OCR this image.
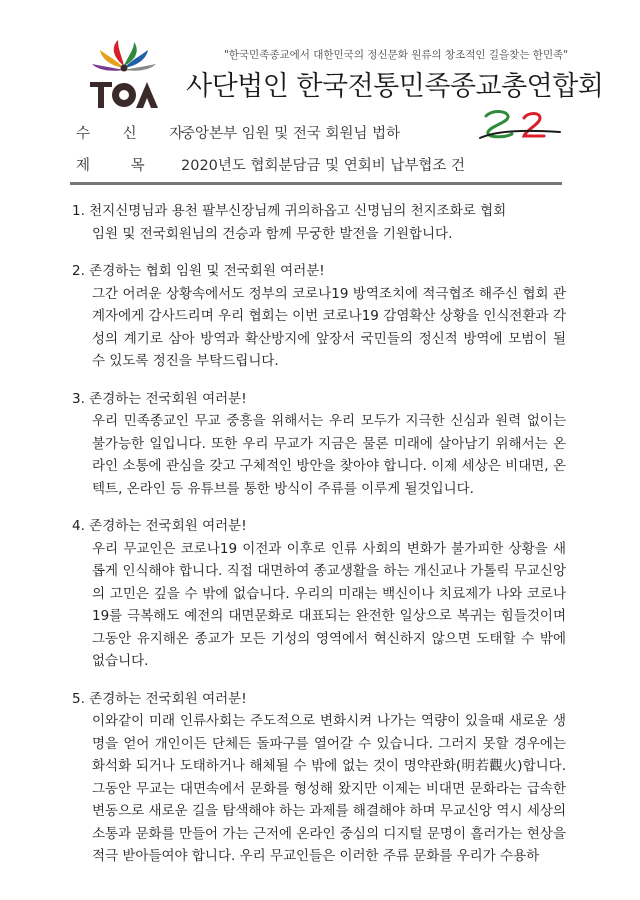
"한국민족종교에서 대한민국의 정신문화 원류의 창조적인 길을찾는 한민족"
사단법인 한국전통민족종교총연합회
수 신 자
중앙본부 임원 및 전국 회원님 법하
제 목	2020년도 협회분담금 및 연회비 납부협조 건
1. 천지신명님과 용천 팔부신장님께 귀의하옵고 신명님의 천지조화로 협회
임원 및 전국회원님의 건승과 함께 무궁한 발전을 기원합니다.
2. 존경하는 협회 임원 및 전국회원 여러분!
그간 어려운 상황속에서도 정부의 코로나19 방역조치에 적극협조 해주신 협회 관계자에게 감사드리며 우리 협회는 이번 코로나19 감염확산 상황을 인식전환과 각성의 계기로 삼아 방역과 확산방지에 앞장서 국민들의 정신적 방역에 모범이 될 수 있도록 정진을 부탁드립니다.
3. 존경하는 전국회원 여러분!
우리 민족종교인 무교 중흥을 위해서는 우리 모두가 지극한 신심과 원력 없이는 불가능한 일입니다. 또한 우리 무교가 지금은 물론 미래에 살아남기 위해서는 온라인 소통에 관심을 갖고 구체적인 방안을 찾아야 합니다. 이제 세상은 비대면, 온텍트, 온라인 등 유튜브를 통한 방식이 주류를 이루게 될것입니다.
4. 존경하는 전국회원 여러분!
우리 무교인은 코로나19 이전과 이후로 인류 사회의 변화가 불가피한 상황을 새롭게 인식해야 합니다. 직접 대면하여 종교생활을 하는 개신교나 가톨릭 무교신앙의 고민은 깊을 수 밖에 없습니다. 우리의 미래는 백신이나 치료제가 나와 코로나19를 극복해도 예전의 대면문화로 대표되는 완전한 일상으로 복귀는 힘들것이며 그동안 유지해온 종교가 모든 기성의 영역에서 혁신하지 않으면 도태할 수 밖에 없습니다.
5. 존경하는 전국회원 여러분!
이와같이 미래 인류사회는 주도적으로 변화시켜 나가는 역량이 있을때 새로운 생명을 얻어 개인이든 단체든 돌파구를 열어갈 수 있습니다. 그러지 못할 경우에는 화석화 되거나 도태하거나 해체될 수 밖에 없는 것이 명약관화(明若觀火)합니다. 그동안 무교는 대면속에서 문화를 형성해 왔지만 이제는 비대면 문화라는 급속한 변동으로 새로운 길을 탐색해야 하는 과제를 해결해야 하며 무교신앙 역시 세상의 소통과 문화를 만들어 가는 근저에 온라인 중심의 디지털 문명이 흘러가는 현상을 적극 받아들여야 합니다. 우리 무교인들은 이러한 주류 문화를 우리가 수용하
